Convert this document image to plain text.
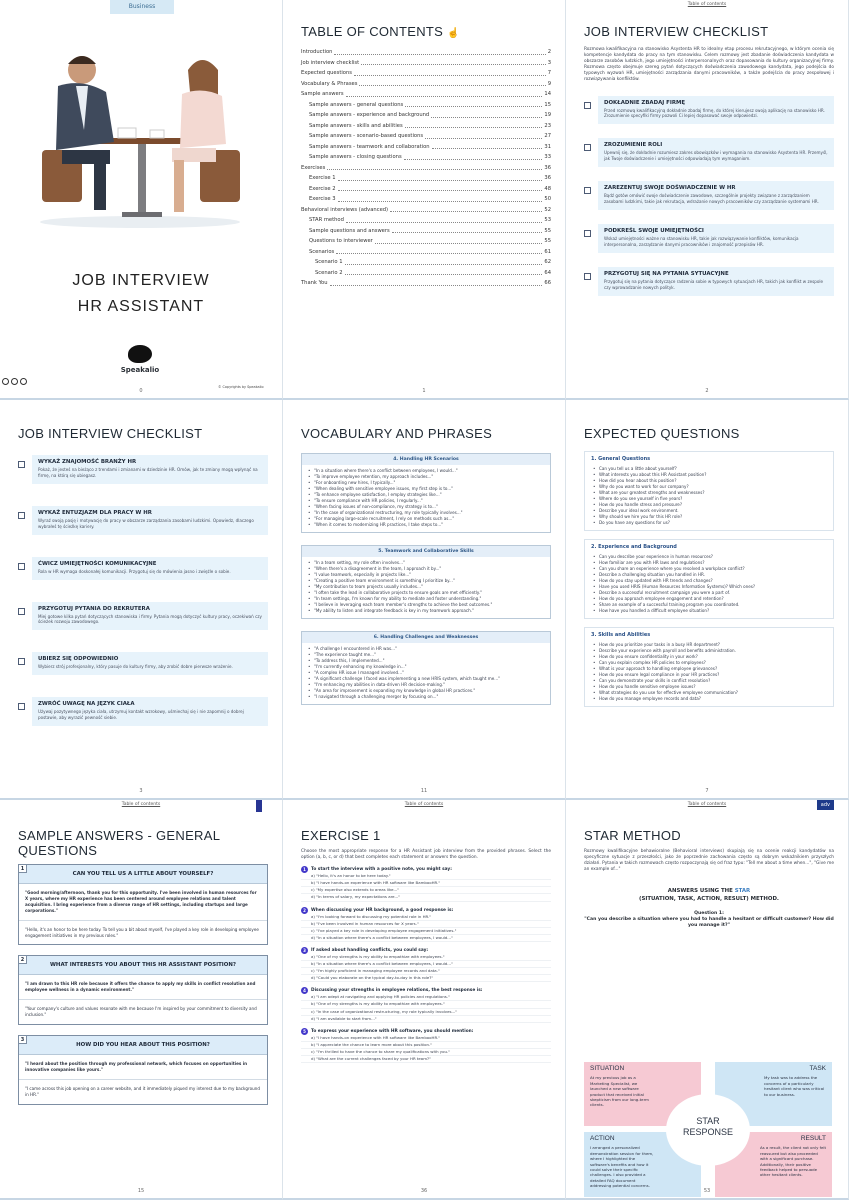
Business
JOB INTERVIEW
HR ASSISTANT
Speakalio
© Copyrights by Speakalio
0
TABLE OF CONTENTS ☝
Introduction	2
Job interview checklist	3
Expected questions	7
Vocabulary & Phrases	9
Sample answers	14
Sample answers - general questions	15
Sample answers - experience and background	19
Sample answers - skills and abilities	23
Sample answers - scenario-based questions	27
Sample answers - teamwork and collaboration	31
Sample answers - closing questions	33
Exercises	36
Exercise 1	36
Exercise 2	48
Exercise 3	50
Behavioral interviews (advanced)	52
STAR method	53
Sample questions and answers	55
Questions to interviewer	55
Scenarios	61
Scenario 1	62
Scenario 2	64
Thank You	66
1
Table of contents
JOB INTERVIEW CHECKLIST
Rozmowa kwalifikacyjna na stanowisko Asystenta HR to idealny etap procesu rekrutacyjnego, w którym ocenia się kompetencje kandydata do pracy na tym stanowisku. Celem rozmowy jest zbadanie doświadczenia kandydata w obszarze zasobów ludzkich, jego umiejętności interpersonalnych oraz dopasowania do kultury organizacyjnej firmy. Rozmowa często obejmuje szereg pytań dotyczących doświadczenia zawodowego kandydata, jego podejścia do typowych wyzwań HR, umiejętności zarządzania danymi pracowników, a także podejścia do pracy zespołowej i rozwiązywania konfliktów.
DOKŁADNIE ZBADAJ FIRMĘ
Przed rozmową kwalifikacyjną dokładnie zbadaj firmę, do której kierujesz swoją aplikację na stanowisko HR. Zrozumienie specyfiki firmy pozwoli Ci lepiej dopasować swoje odpowiedzi.
ZROZUMIENIE ROLI
Upewnij się, że dokładnie rozumiesz zakres obowiązków i wymagania na stanowisko Asystenta HR. Przemyśl, jak Twoje doświadczenie i umiejętności odpowiadają tym wymaganiom.
ZAREZENTUJ SWOJE DOŚWIADCZENIE W HR
Bądź gotów omówić swoje doświadczenie zawodowe, szczególnie projekty związane z zarządzaniem zasobami ludzkimi, takie jak rekrutacja, wdrażanie nowych pracowników czy zarządzanie systemami HR.
PODKREŚL SWOJE UMIEJĘTNOŚCI
Wskaż umiejętności ważne na stanowisku HR, takie jak rozwiązywanie konfliktów, komunikacja interpersonalna, zarządzanie danymi pracowników i znajomość przepisów HR.
PRZYGOTUJ SIĘ NA PYTANIA SYTUACYJNE
Przygotuj się na pytania dotyczące radzenia sobie w typowych sytuacjach HR, takich jak konflikt w zespole czy wprowadzanie nowych polityk.
2
JOB INTERVIEW CHECKLIST
WYKAŻ ZNAJOMOŚĆ BRANŻY HR
Pokaż, że jesteś na bieżąco z trendami i zmianami w dziedzinie HR. Omów, jak te zmiany mogą wpłynąć na firmę, na którą się ubiegasz.
WYKAŻ ENTUZJAZM DLA PRACY W HR
Wyraź swoją pasję i motywację do pracy w obszarze zarządzania zasobami ludzkimi. Opowiedz, dlaczego wybrałeś tę ścieżkę kariery.
ĆWICZ UMIEJĘTNOŚCI KOMUNIKACYJNE
Rola w HR wymaga doskonałej komunikacji. Przygotuj się do mówienia jasno i zwięźle o sobie.
PRZYGOTUJ PYTANIA DO REKRUTERA
Miej gotowe kilka pytań dotyczących stanowiska i firmy. Pytania mogą dotyczyć kultury pracy, oczekiwań czy ścieżek rozwoju zawodowego.
UBIERZ SIĘ ODPOWIEDNIO
Wybierz strój profesjonalny, który pasuje do kultury firmy, aby zrobić dobre pierwsze wrażenie.
ZWRÓĆ UWAGĘ NA JĘZYK CIAŁA
Używaj pozytywnego języka ciała, utrzymuj kontakt wzrokowy, uśmiechaj się i nie zapomnij o dobrej postawie, aby wyrazić pewność siebie.
3
VOCABULARY AND PHRASES
4. Handling HR Scenarios
• "In a situation where there's a conflict between employees, I would..."
• "To improve employee retention, my approach includes..."
• "For onboarding new hires, I typically..."
• "When dealing with sensitive employee issues, my first step is to..."
• "To enhance employee satisfaction, I employ strategies like..."
• "To ensure compliance with HR policies, I regularly..."
• "When facing issues of non-compliance, my strategy is to..."
• "In the case of organizational restructuring, my role typically involves..."
• "For managing large-scale recruitment, I rely on methods such as..."
• "When it comes to modernizing HR practices, I take steps to..."
5. Teamwork and Collaborative Skills
• "In a team setting, my role often involves..."
• "When there's a disagreement in the team, I approach it by..."
• "I value teamwork, especially in projects like..."
• "Creating a positive team environment is something I prioritize by..."
• "My contribution to team projects usually includes..."
• "I often take the lead in collaborative projects to ensure goals are met efficiently."
• "In team settings, I'm known for my ability to mediate and foster understanding."
• "I believe in leveraging each team member's strengths to achieve the best outcomes."
• "My ability to listen and integrate feedback is key in my teamwork approach."
6. Handling Challenges and Weaknesses
• "A challenge I encountered in HR was..."
• "The experience taught me..."
• "To address this, I implemented..."
• "I'm currently enhancing my knowledge in..."
• "A complex HR issue I managed involved..."
• "A significant challenge I faced was implementing a new HRIS system, which taught me..."
• "I'm enhancing my abilities in data-driven HR decision-making."
• "An area for improvement is expanding my knowledge in global HR practices."
• "I navigated through a challenging merger by focusing on..."
11
EXPECTED QUESTIONS
1. General Questions
• Can you tell us a little about yourself?
• What interests you about this HR Assistant position?
• How did you hear about this position?
• Why do you want to work for our company?
• What are your greatest strengths and weaknesses?
• Where do you see yourself in five years?
• How do you handle stress and pressure?
• Describe your ideal work environment.
• Why should we hire you for this HR role?
• Do you have any questions for us?
2. Experience and Background
• Can you describe your experience in human resources?
• How familiar are you with HR laws and regulations?
• Can you share an experience where you resolved a workplace conflict?
• Describe a challenging situation you handled in HR.
• How do you stay updated with HR trends and changes?
• Have you used HRIS (Human Resources Information Systems)? Which ones?
• Describe a successful recruitment campaign you were a part of.
• How do you approach employee engagement and retention?
• Share an example of a successful training program you coordinated.
• How have you handled a difficult employee situation?
3. Skills and Abilities
• How do you prioritize your tasks in a busy HR department?
• Describe your experience with payroll and benefits administration.
• How do you ensure confidentiality in your work?
• Can you explain complex HR policies to employees?
• What is your approach to handling employee grievances?
• How do you ensure legal compliance in your HR practices?
• Can you demonstrate your skills in conflict resolution?
• How do you handle sensitive employee issues?
• What strategies do you use for effective employee communication?
• How do you manage employee records and data?
7
Table of contents
SAMPLE ANSWERS - GENERAL QUESTIONS
1
CAN YOU TELL US A LITTLE ABOUT YOURSELF?
"Good morning/afternoon, thank you for this opportunity. I've been involved in human resources for X years, where my HR experience has been centered around employee relations and talent acquisition. I bring experience from a diverse range of HR settings, including startups and large corporations."
"Hello, it's an honor to be here today. To tell you a bit about myself, I've played a key role in developing employee engagement initiatives in my previous roles."
2
WHAT INTERESTS YOU ABOUT THIS HR ASSISTANT POSITION?
"I am drawn to this HR role because it offers the chance to apply my skills in conflict resolution and employee wellness in a dynamic environment."
"Your company's culture and values resonate with me because I'm inspired by your commitment to diversity and inclusion."
3
HOW DID YOU HEAR ABOUT THIS POSITION?
"I heard about the position through my professional network, which focuses on opportunities in innovative companies like yours."
"I came across this job opening on a career website, and it immediately piqued my interest due to my background in HR."
15
Table of contents
EXERCISE 1
Choose the most appropriate response for a HR Assistant job interview from the provided phrases. Select the option (a, b, c, or d) that best completes each statement or answers the question.
1	To start the interview with a positive note, you might say:
a) "Hello, it's an honor to be here today."
b) "I have hands-on experience with HR software like BambooHR."
c) "My expertise also extends to areas like..."
d) "In terms of salary, my expectations are..."
2	When discussing your HR background, a good response is:
a) "I'm looking forward to discussing my potential role in HR."
b) "I've been involved in human resources for X years."
c) "I've played a key role in developing employee engagement initiatives."
d) "In a situation where there's a conflict between employees, I would..."
3	If asked about handling conflicts, you could say:
a) "One of my strengths is my ability to empathize with employees."
b) "In a situation where there's a conflict between employees, I would..."
c) "I'm highly proficient in managing employee records and data."
d) "Could you elaborate on the typical day-to-day in this role?"
4	Discussing your strengths in employee relations, the best response is:
a) "I am adept at navigating and applying HR policies and regulations."
b) "One of my strengths is my ability to empathize with employees."
c) "In the case of organizational restructuring, my role typically involves..."
d) "I am available to start from..."
5	To express your experience with HR software, you should mention:
a) "I have hands-on experience with HR software like BambooHR."
b) "I appreciate the chance to learn more about this position."
c) "I'm thrilled to have the chance to share my qualifications with you."
d) "What are the current challenges faced by your HR team?"
36
Table of contents	adv
STAR METHOD
Rozmowy kwalifikacyjne behawioralne (Behavioral interviews) skupiają się na ocenie reakcji kandydatów na specyficzne sytuacje z przeszłości, jako że poprzednie zachowania często są dobrym wskaźnikiem przyszłych działań. Pytania w takich rozmowach często rozpoczynają się od fraz typu: "Tell me about a time when...", "Give me an example of..."
ANSWERS USING THE STAR
(SITUATION, TASK, ACTION, RESULT) METHOD.
Question 1:
"Can you describe a situation where you had to handle a hesitant or difficult customer? How did you manage it?"
SITUATION
At my previous job as a Marketing Specialist, we launched a new software product that received initial skepticism from our long-term clients.
TASK
My task was to address the concerns of a particularly hesitant client who was critical to our business.
ACTION
I arranged a personalized demonstration session for them, where I highlighted the software's benefits and how it could solve their specific challenges. I also provided a detailed FAQ document addressing potential concerns.
RESULT
As a result, the client not only felt reassured but also proceeded with a significant purchase. Additionally, their positive feedback helped to persuade other hesitant clients.
STAR
RESPONSE
53
